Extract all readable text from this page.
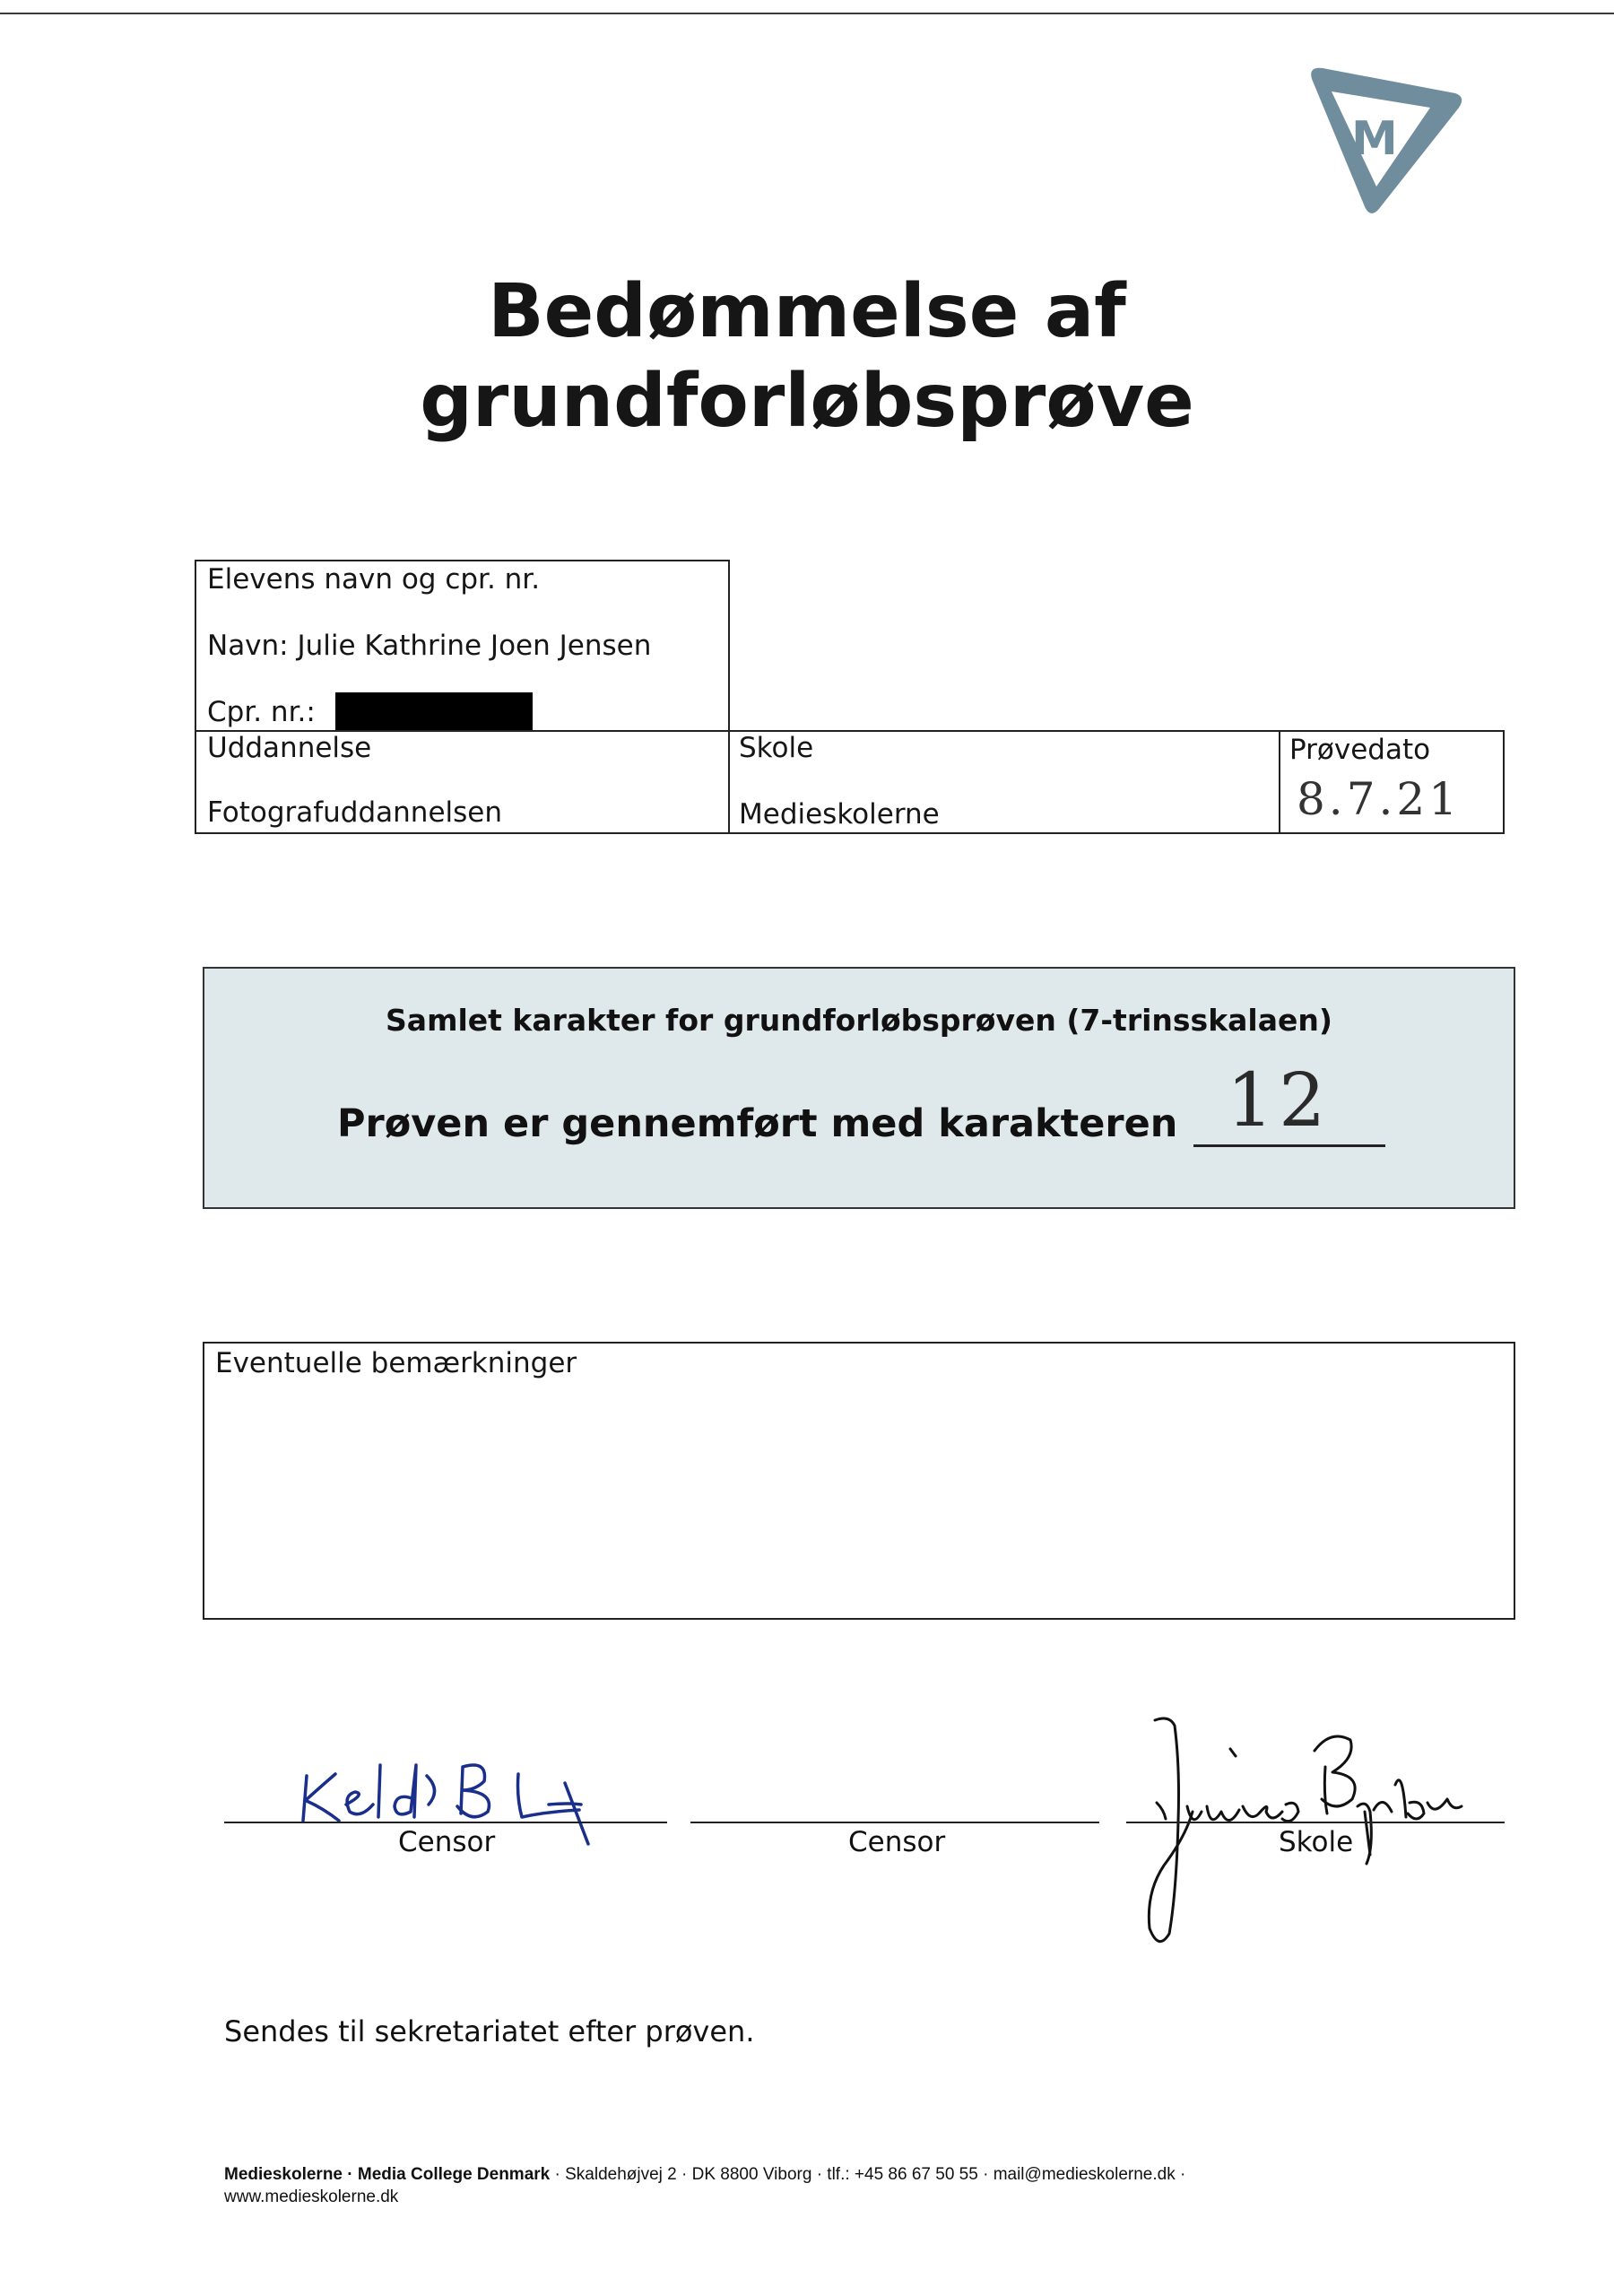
M
Bedømmelse af
grundforløbsprøve
Elevens navn og cpr. nr.
Navn: Julie Kathrine Joen Jensen
Cpr. nr.:
Uddannelse
Fotografuddannelsen
Skole
Medieskolerne
Prøvedato
8.7.21
Samlet karakter for grundforløbsprøven (7-trinsskalaen)
Prøven er gennemført med karakteren 12
Eventuelle bemærkninger
Censor	Censor	Skole
Sendes til sekretariatet efter prøven.
Medieskolerne · Media College Denmark · Skaldehøjvej 2 · DK 8800 Viborg · tlf.: +45 86 67 50 55 · mail@medieskolerne.dk ·
www.medieskolerne.dk
